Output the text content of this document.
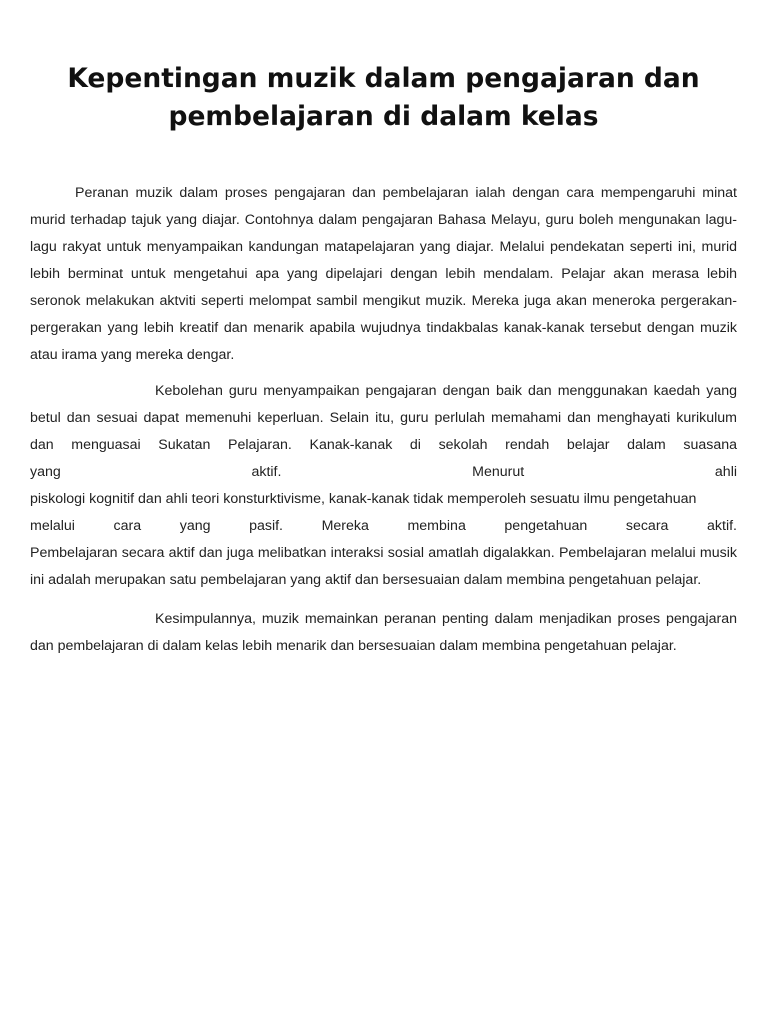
Kepentingan muzik dalam pengajaran dan pembelajaran di dalam kelas

Peranan muzik dalam proses pengajaran dan pembelajaran ialah dengan cara mempengaruhi minat murid terhadap tajuk yang diajar. Contohnya dalam pengajaran Bahasa Melayu, guru boleh mengunakan lagu-lagu rakyat untuk menyampaikan kandungan matapelajaran yang diajar. Melalui pendekatan seperti ini, murid lebih berminat untuk mengetahui apa yang dipelajari dengan lebih mendalam. Pelajar akan merasa lebih seronok melakukan aktviti seperti melompat sambil mengikut muzik. Mereka juga akan meneroka pergerakan-pergerakan yang lebih kreatif dan menarik apabila wujudnya tindakbalas kanak-kanak tersebut dengan muzik atau irama yang mereka dengar.

Kebolehan guru menyampaikan pengajaran dengan baik dan menggunakan kaedah yang betul dan sesuai dapat memenuhi keperluan. Selain itu, guru perlulah memahami dan menghayati kurikulum dan menguasai Sukatan Pelajaran. Kanak-kanak di sekolah rendah belajar dalam suasana
yang aktif. Menurut ahli
piskologi kognitif dan ahli teori konsturktivisme, kanak-kanak tidak memperoleh sesuatu ilmu pengetahuan
melalui cara yang pasif. Mereka membina pengetahuan secara aktif.
Pembelajaran secara aktif dan juga melibatkan interaksi sosial amatlah digalakkan. Pembelajaran melalui musik ini adalah merupakan satu pembelajaran yang aktif dan bersesuaian dalam membina pengetahuan pelajar.

Kesimpulannya, muzik memainkan peranan penting dalam menjadikan proses pengajaran dan pembelajaran di dalam kelas lebih menarik dan bersesuaian dalam membina pengetahuan pelajar.
